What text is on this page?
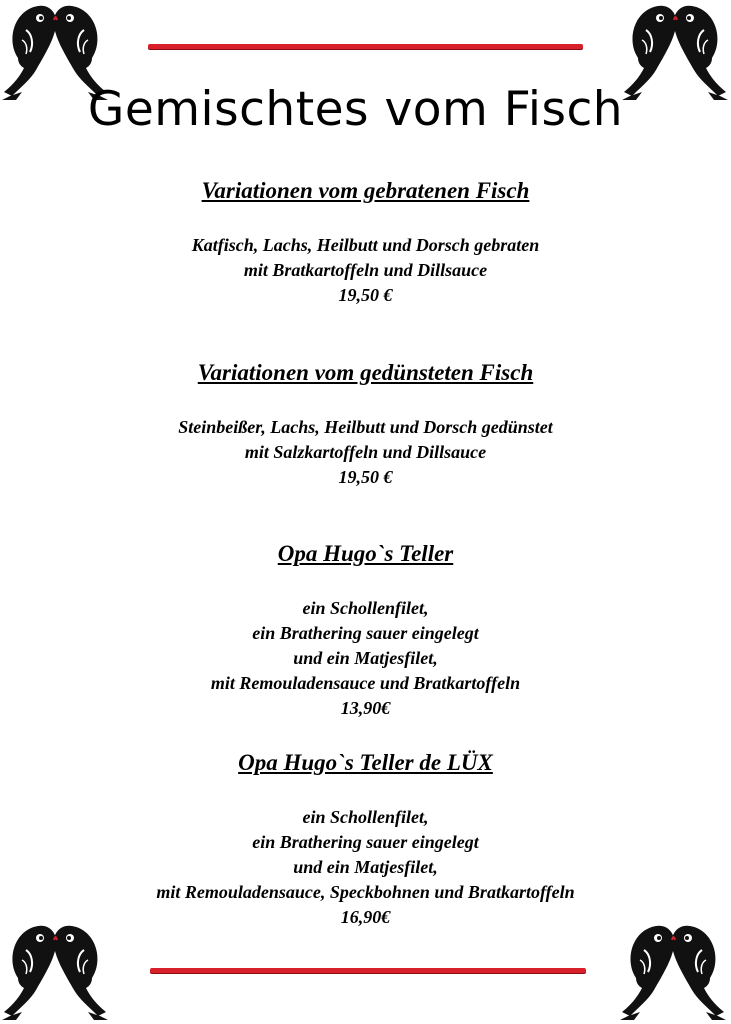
Gemischtes vom Fisch

Variationen vom gebratenen Fisch

Katfisch, Lachs, Heilbutt und Dorsch gebraten
mit Bratkartoffeln und Dillsauce
19,50 €

Variationen vom gedünsteten Fisch

Steinbeißer, Lachs, Heilbutt und Dorsch gedünstet
mit Salzkartoffeln und Dillsauce
19,50 €

Opa Hugo`s Teller

ein Schollenfilet,
ein Brathering sauer eingelegt
und ein Matjesfilet,
mit Remouladensauce und Bratkartoffeln
13,90€

Opa Hugo`s Teller de LÜX

ein Schollenfilet,
ein Brathering sauer eingelegt
und ein Matjesfilet,
mit Remouladensauce, Speckbohnen und Bratkartoffeln
16,90€
